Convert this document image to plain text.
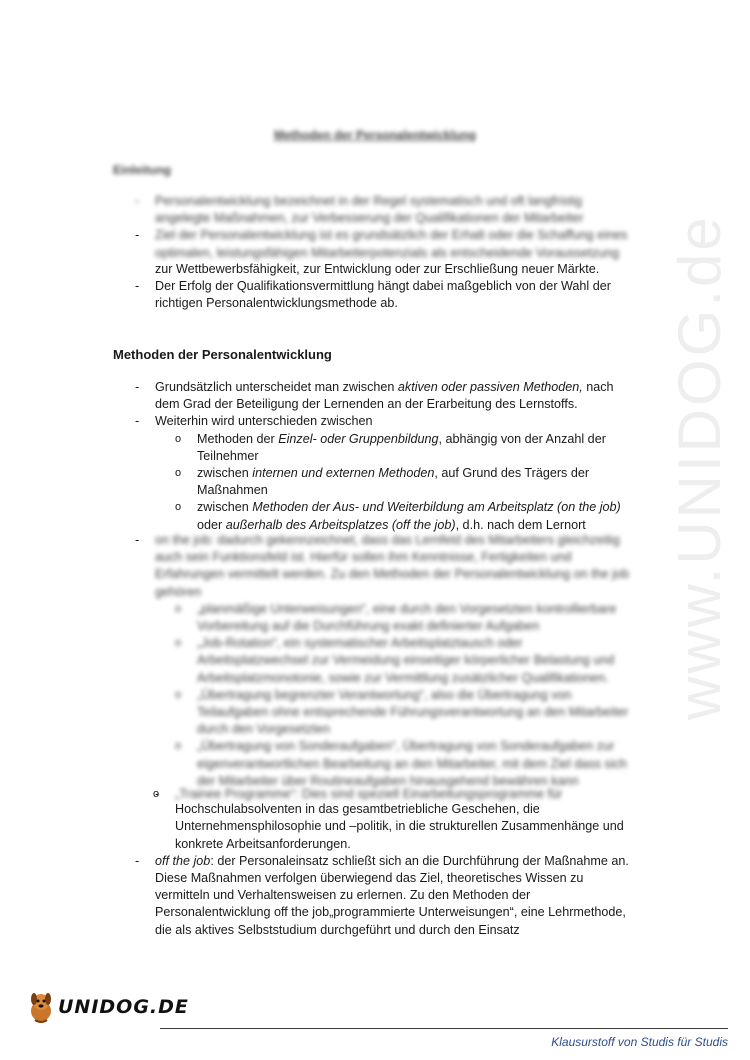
www.UNIDOG.de
Methoden der Personalentwicklung
Einleitung
- Personalentwicklung bezeichnet in der Regel systematisch und oft langfristig angelegte Maßnahmen, zur Verbesserung der Qualifikationen der Mitarbeiter
- Ziel der Personalentwicklung ist es grundsätzlich der Erhalt oder die Schaffung eines optimalen, leistungsfähigen Mitarbeiterpotenzials als entscheidende Voraussetzung
zur Wettbewerbsfähigkeit, zur Entwicklung oder zur Erschließung neuer Märkte.
- Der Erfolg der Qualifikationsvermittlung hängt dabei maßgeblich von der Wahl der richtigen Personalentwicklungsmethode ab.
Methoden der Personalentwicklung
- Grundsätzlich unterscheidet man zwischen aktiven oder passiven Methoden, nach dem Grad der Beteiligung der Lernenden an der Erarbeitung des Lernstoffs.
- Weiterhin wird unterschieden zwischen
o Methoden der Einzel- oder Gruppenbildung, abhängig von der Anzahl der Teilnehmer
o zwischen internen und externen Methoden, auf Grund des Trägers der Maßnahmen
o zwischen Methoden der Aus- und Weiterbildung am Arbeitsplatz (on the job) oder außerhalb des Arbeitsplatzes (off the job), d.h. nach dem Lernort
- on the job: dadurch gekennzeichnet, dass das Lernfeld des Mitarbeiters gleichzeitig auch sein Funktionsfeld ist. Hierfür sollen ihm Kenntnisse, Fertigkeiten und Erfahrungen vermittelt werden. Zu den Methoden der Personalentwicklung on the job gehören
o „planmäßige Unterweisungen“, eine durch den Vorgesetzten kontrollierbare Vorbereitung auf die Durchführung exakt definierter Aufgaben
o „Job-Rotation“, ein systematischer Arbeitsplatztausch oder Arbeitsplatzwechsel zur Vermeidung einseitiger körperlicher Belastung und Arbeitsplatzmonotonie, sowie zur Vermittlung zusätzlicher Qualifikationen.
o „Übertragung begrenzter Verantwortung“, also die Übertragung von Teilaufgaben ohne entsprechende Führungsverantwortung an den Mitarbeiter durch den Vorgesetzten
o „Übertragung von Sonderaufgaben“, Übertragung von Sonderaufgaben zur eigenverantwortlichen Bearbeitung an den Mitarbeiter, mit dem Ziel dass sich der Mitarbeiter über Routineaufgaben hinausgehend bewähren kann
o - „Trainee Programme“: Dies sind speziell Einarbeitungsprogramme für
Hochschulabsolventen in das gesamtbetriebliche Geschehen, die Unternehmensphilosophie und –politik, in die strukturellen Zusammenhänge und konkrete Arbeitsanforderungen.
- off the job: der Personaleinsatz schließt sich an die Durchführung der Maßnahme an. Diese Maßnahmen verfolgen überwiegend das Ziel, theoretisches Wissen zu vermitteln und Verhaltensweisen zu erlernen. Zu den Methoden der Personalentwicklung off the job„programmierte Unterweisungen“, eine Lehrmethode, die als aktives Selbststudium durchgeführt und durch den Einsatz
UNIDOG.DE
Klausurstoff von Studis für Studis
